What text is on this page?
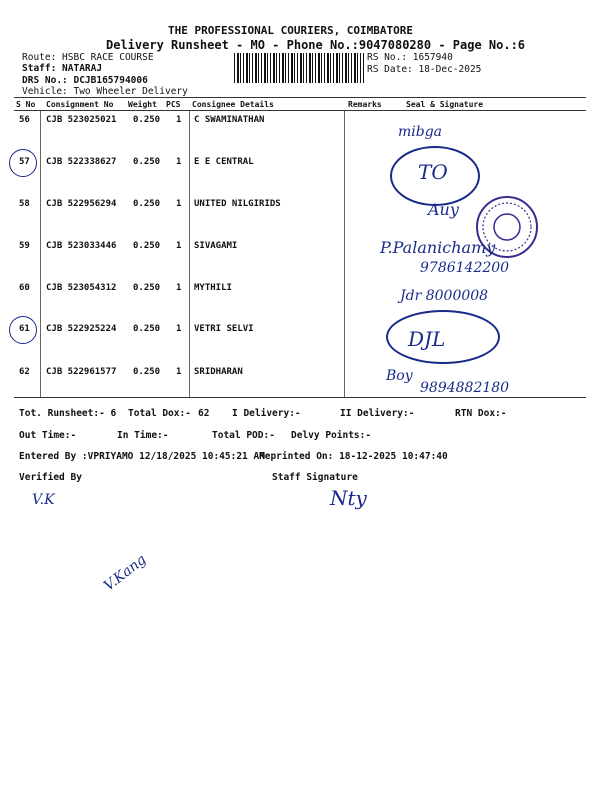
THE PROFESSIONAL COURIERS, COIMBATORE
Delivery Runsheet - MO - Phone No.:9047080280 - Page No.:6
Route: HSBC RACE COURSE
Staff: NATARAJ
DRS No.: DCJB165794006
Vehicle: Two Wheeler Delivery
RS No.: 1657940
RS Date: 18-Dec-2025
S No Consignment No Weight PCS Consignee Details	Remarks	Seal & Signature
56 CJB 523025021 0.250 1 C SWAMINATHAN
57 CJB 522338627 0.250 1 E E CENTRAL
58 CJB 522956294 0.250 1 UNITED NILGIRIDS
59 CJB 523033446 0.250 1 SIVAGAMI
60 CJB 523054312 0.250 1 MYTHILI
61 CJB 522925224 0.250 1 VETRI SELVI
62 CJB 522961577 0.250 1 SRIDHARAN
mibga
TO
Auy
P.Palanichamy
9786142200
Jdr 8000008
DJL
Boy
9894882180
Tot. Runsheet:- 6 Total Dox:- 62 I Delivery:-	II Delivery:-	RTN Dox:-
Out Time:-	In Time:-	Total POD:- Delvy Points:-
Entered By :VPRIYAMO 12/18/2025 10:45:21 AM
Reprinted On: 18-12-2025 10:47:40
Verified By	Staff Signature
V.K	Nty
V.Kang
